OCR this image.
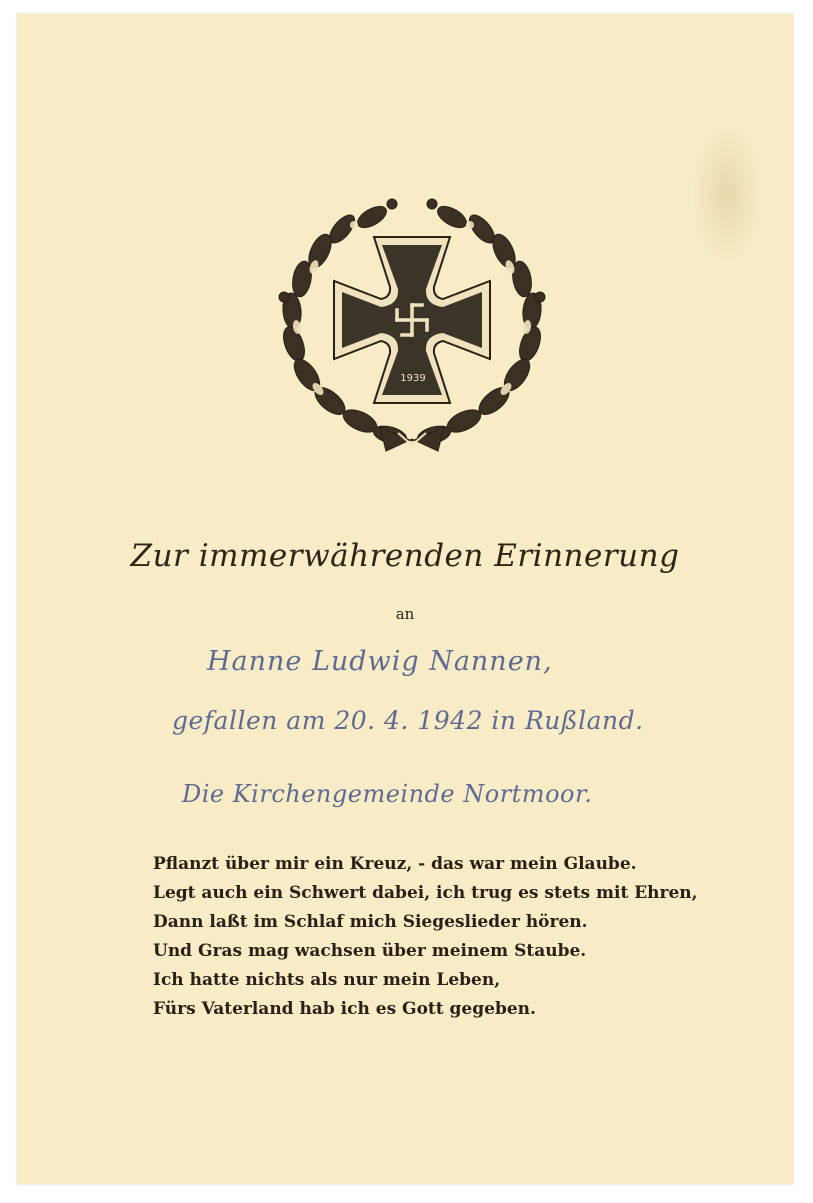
1939
Zur immerwährenden Erinnerung
an
Hanne Ludwig Nannen,
gefallen am 20. 4. 1942 in Rußland.
Die Kirchengemeinde Nortmoor.
Pflanzt über mir ein Kreuz, - das war mein Glaube.
Legt auch ein Schwert dabei, ich trug es stets mit Ehren,
Dann laßt im Schlaf mich Siegeslieder hören.
Und Gras mag wachsen über meinem Staube.
Ich hatte nichts als nur mein Leben,
Fürs Vaterland hab ich es Gott gegeben.
